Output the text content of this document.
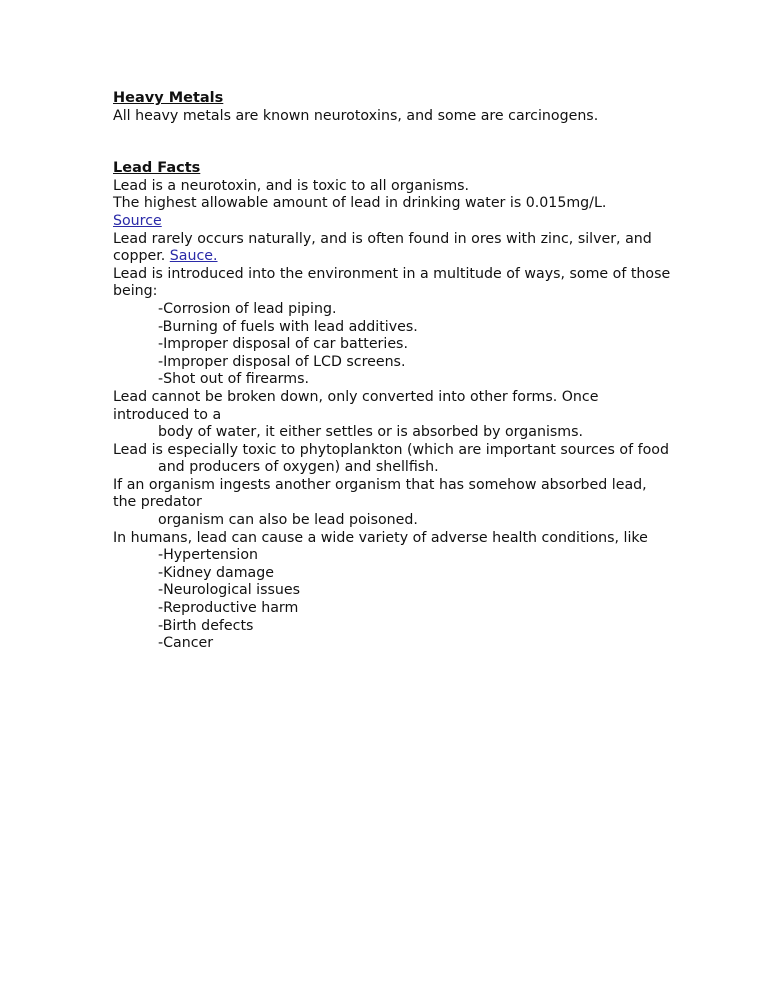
Heavy Metals
All heavy metals are known neurotoxins, and some are carcinogens.
Lead Facts
Lead is a neurotoxin, and is toxic to all organisms.
The highest allowable amount of lead in drinking water is 0.015mg/L.
Source
Lead rarely occurs naturally, and is often found in ores with zinc, silver, and copper. Sauce.
Lead is introduced into the environment in a multitude of ways, some of those being:
-Corrosion of lead piping.
-Burning of fuels with lead additives.
-Improper disposal of car batteries.
-Improper disposal of LCD screens.
-Shot out of firearms.
Lead cannot be broken down, only converted into other forms. Once introduced to a
body of water, it either settles or is absorbed by organisms.
Lead is especially toxic to phytoplankton (which are important sources of food
and producers of oxygen) and shellfish.
If an organism ingests another organism that has somehow absorbed lead, the predator
organism can also be lead poisoned.
In humans, lead can cause a wide variety of adverse health conditions, like
-Hypertension
-Kidney damage
-Neurological issues
-Reproductive harm
-Birth defects
-Cancer
